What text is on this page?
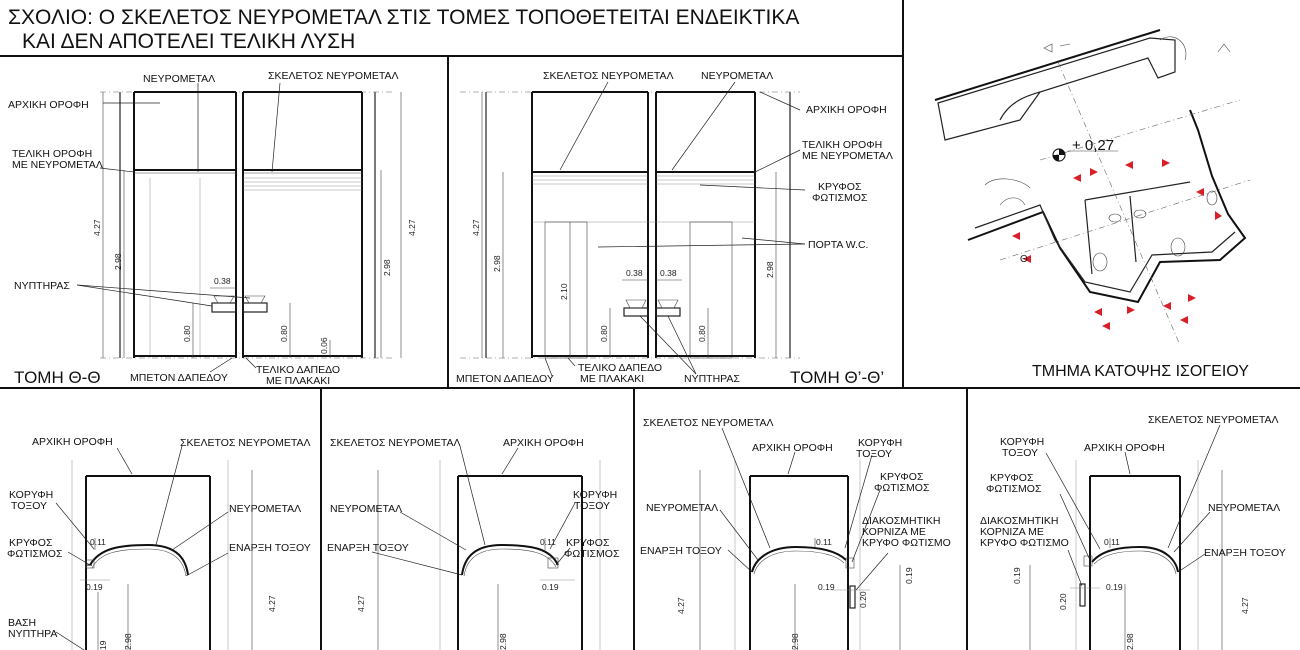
ΣΧΟΛΙΟ: Ο ΣΚΕΛΕΤΟΣ ΝΕΥΡΟΜΕΤΑΛ ΣΤΙΣ ΤΟΜΕΣ ΤΟΠΟΘΕΤΕΙΤΑΙ ΕΝΔΕΙΚΤΙΚΑ
ΚΑΙ ΔΕΝ ΑΠΟΤΕΛΕΙ ΤΕΛΙΚΗ ΛΥΣΗ
4.27
2.98
4.27
2.98
0.38
0.80	0.80
0.06
ΝΕΥΡΟΜΕΤΑΛ	ΣΚΕΛΕΤΟΣ ΝΕΥΡΟΜΕΤΑΛ
ΑΡΧΙΚΗ ΟΡΟΦΗ
ΤΕΛΙΚΗ ΟΡΟΦΗ
ΜΕ ΝΕΥΡΟΜΕΤΑΛ
ΝΥΠΤΗΡΑΣ
ΜΠΕΤΟΝ ΔΑΠΕΔΟΥ
ΤΕΛΙΚΟ ΔΑΠΕΔΟ
ΜΕ ΠΛΑΚΑΚΙ
ΤΟΜΗ Θ-Θ
4.27
2.98
2.10
0.80	0.80
2.98
0.38 0.38
ΣΚΕΛΕΤΟΣ ΝΕΥΡΟΜΕΤΑΛ	ΝΕΥΡΟΜΕΤΑΛ
ΑΡΧΙΚΗ ΟΡΟΦΗ
ΤΕΛΙΚΗ ΟΡΟΦΗ
ΜΕ ΝΕΥΡΟΜΕΤΑΛ
ΚΡΥΦΟΣ
ΦΩΤΙΣΜΟΣ
ΠΟΡΤΑ W.C.
ΜΠΕΤΟΝ ΔΑΠΕΔΟΥ
ΤΕΛΙΚΟ ΔΑΠΕΔΟ
ΜΕ ΠΛΑΚΑΚΙ	ΝΥΠΤΗΡΑΣ	ΤΟΜΗ Θ’-Θ’
+ 0,27
Θ
ΤΜΗΜΑ ΚΑΤΟΨΗΣ ΙΣΟΓΕΙΟΥ
ΑΡΧΙΚΗ ΟΡΟΦΗ	ΣΚΕΛΕΤΟΣ ΝΕΥΡΟΜΕΤΑΛ
ΚΟΡΥΦΗ
ΤΟΞΟΥ	ΝΕΥΡΟΜΕΤΑΛ
ΚΡΥΦΟΣ
ΦΩΤΙΣΜΟΣ	ΕΝΑΡΞΗ ΤΟΞΟΥ
ΒΑΣΗ
ΝΥΠΤΗΡΑ
0.11
0.19
4.27
2.98
19
ΣΚΕΛΕΤΟΣ ΝΕΥΡΟΜΕΤΑΛ	ΑΡΧΙΚΗ ΟΡΟΦΗ
ΝΕΥΡΟΜΕΤΑΛ
ΚΟΡΥΦΗ
ΤΟΞΟΥ
ΕΝΑΡΞΗ ΤΟΞΟΥ	ΚΡΥΦΟΣ
ΦΩΤΙΣΜΟΣ
0.11
0.19
4.27
2.98
ΣΚΕΛΕΤΟΣ ΝΕΥΡΟΜΕΤΑΛ
ΑΡΧΙΚΗ ΟΡΟΦΗ ΚΟΡΥΦΗ
ΤΟΞΟΥ
ΚΡΥΦΟΣ
ΦΩΤΙΣΜΟΣ
ΝΕΥΡΟΜΕΤΑΛ
ΕΝΑΡΞΗ ΤΟΞΟΥ
ΔΙΑΚΟΣΜΗΤΙΚΗ
ΚΟΡΝΙΖΑ ΜΕ
ΚΡΥΦΟ ΦΩΤΙΣΜΟ
0.11
0.19
0.20
0.19
4.27
2.98
ΚΟΡΥΦΗ
ΤΟΞΟΥ
ΣΚΕΛΕΤΟΣ ΝΕΥΡΟΜΕΤΑΛ
ΑΡΧΙΚΗ ΟΡΟΦΗ
ΚΡΥΦΟΣ
ΦΩΤΙΣΜΟΣ
ΝΕΥΡΟΜΕΤΑΛ
ΔΙΑΚΟΣΜΗΤΙΚΗ
ΚΟΡΝΙΖΑ ΜΕ
ΚΡΥΦΟ ΦΩΤΙΣΜΟ
ΕΝΑΡΞΗ ΤΟΞΟΥ
0.11
0.19
0.19
0.20	4.27
2.98
